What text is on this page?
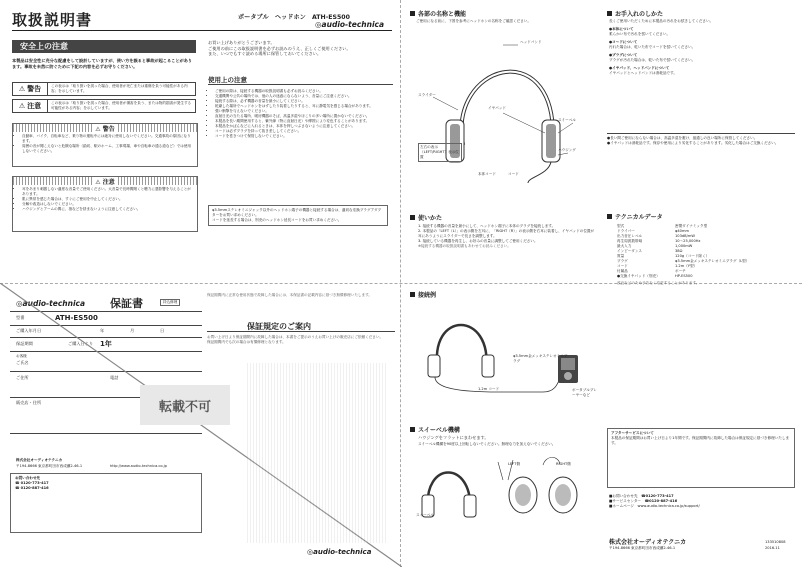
取扱説明書
安全上の注意
本製品は安全性に充分な配慮をして設計していますが、使い方を誤ると事故が起こることがあります。事故を未然に防ぐために下記の内容を必ずお守りください。
⚠ 警告	この表示は「取り扱いを誤った場合、使用者が死亡または重傷を負う可能性がある内容」を示しています。
⚠ 注意	この表示は「取り扱いを誤った場合、使用者が傷害を負う、または物的損害が発生する可能性がある内容」を示しています。
⚠ 警告
• 自動車、バイク、自転車など、乗り物の運転中には絶対に使用しないでください。交通事故の原因になります。
• 周囲の音が聞こえないと危険な場所（踏切、駅のホーム、工事現場、車や自転車の通る道など）では使用しないでください。
⚠ 注意
• 耳をあまり刺激しない適度な音量でご使用ください。大音量で長時間聞くと聴力に悪影響を与えることがあります。
• 肌に異常を感じた場合は、すぐにご使用を中止してください。
• 分解や改造はしないでください。
• ハウジングとアームの間に、指などを挟まないように注意してください。
ポータブル　ヘッドホン　ATH-ES500
◎audio-technica
お買い上げありがとうございます。
ご使用の前にこの取扱説明書を必ずお読みのうえ、正しくご使用ください。
また、いつでもすぐ読める場所に保管しておいてください。
使用上の注意
• ご使用の際は、接続する機器の取扱説明書も必ずお読みください。
• 交通機関や公共の場所では、他の人の迷惑にならないよう、音量にご注意ください。
• 接続する際は、必ず機器の音量を最小にしてください。
• 乾燥した場所でヘッドホンをはずしたり装着したりすると、耳に静電気を感じる場合があります。
• 強い衝撃を与えないでください。
• 直射日光の当たる場所、暖房機器のそば、高温多湿やほこりの多い場所に置かないでください。
• 本製品を長い期間使用すると、紫外線（特に直射日光）や摩擦により変色することがあります。
• 本製品をかばんなどに入れるときは、本体を押しつぶさないように注意してください。
• コードは必ずプラグを持って抜き差ししてください。
• コードを巻きつけて保管しないでください。
φ3.5mmステレオミニジャック以外のヘッドホン端子の機器と接続する場合は、適切な変換プラグアダプターをお買い求めください。
コードを延長する場合は、別売のヘッドホン延長コードをお買い求めください。
各部の名称と機能
ご使用になる前に、下図を参考にヘッドホンの名称をご確認ください。
ヘッドバンド
スライダー
イヤパッド
スイーベル
左右の表示（LEFT/RIGHT）表示位置
ハウジング
コード
本体コード
使いかた
1. 接続する機器の音量を最小にして、ヘッドホン端子に本体のプラグを接続します。
2. 本製品の「LEFT（L）」の表示側を左耳に、「RIGHT（R）」の表示側を右耳に装着し、イヤパッドの位置が耳にあうようにスライダーで長さを調整します。
3. 接続している機器を再生し、お好みの音量に調整してご使用ください。
※接続する機器の取扱説明書もあわせてお読みください。
接続例
φ3.5mm金メッキステレオミニプラグ
1.2m コード	ポータブルプレーヤーなど
スイーベル機構
ハウジングをフラットにまわせます。
スイーベル機構を90度以上回転しないでください。無理な力を加えないでください。
LEFT側	RIGHT側
スイーベル
お手入れのしかた
長くご使用いただくために本製品の汚れをお拭きしてください。
●本体について
柔らかい布で汚れを拭いてください。
●コードについて
汚れた場合は、乾いた布でコードを拭いてください。
●プラグについて
プラグが汚れた場合は、乾いた布で拭いてください。
●イヤパッド、ヘッドバンドについて
イヤパッドとヘッドバンドは消耗品です。
●長い間ご使用にならない場合は、高温多湿を避け、風通しの良い場所に保管してください。
●イヤパッドは消耗品です。保存や使用により劣化することがあります。劣化した場合はご交換ください。
テクニカルデータ
型式	密閉ダイナミック型
ドライバー	φ40mm
出力音圧レベル	103dB/mW
再生周波数帯域	10〜25,000Hz
最大入力	1,000mW
インピーダンス	38Ω
質量	120g（コード除く）
プラグ	φ3.5mm金メッキステレオミニプラグ（L型）
コード	1.2m（Y型）
付属品	ポーチ
●交換イヤパッド（別売）	HP-ES500
改良などのため予告なく変更することがあります。
アフターサービスについて
本製品の保証期間はお買い上げ日より1年間です。保証期間内に故障した場合は保証規定に基づき修理いたします。
■お問い合わせ先　 ☎0120-773-417
■サービスセンター　 ☎0120-887-416
■ホームページ　 www.audio-technica.co.jp/support/
株式会社オーディオテクニカ
〒194-8666 東京都町田市西成瀬2-46-1
133510808
2016.11
◎audio-technica 保証書	持込修理
型番	ATH-ES500
ご購入年月日	年	月	日
保証期間	ご購入日より 1年
お客様
ご氏名
ご住所	電話
販売店・住所
株式会社オーディオテクニカ
〒194-8666 東京都町田市西成瀬2-46-1	http://www.audio-technica.co.jp
お問い合わせ先
☎ 0120-773-417
☎ 0120-887-416
保証期間内に正常な使用状態で故障した場合には、本保証書の記載内容に基づき無償修理いたします。
保証規定のご案内
お買い上げ日より保証期間内に故障した場合は、本書をご提示のうえお買い上げの販売店にご依頼ください。
保証期間内でも次の場合は有償修理となります。
◎audio-technica
転載不可
